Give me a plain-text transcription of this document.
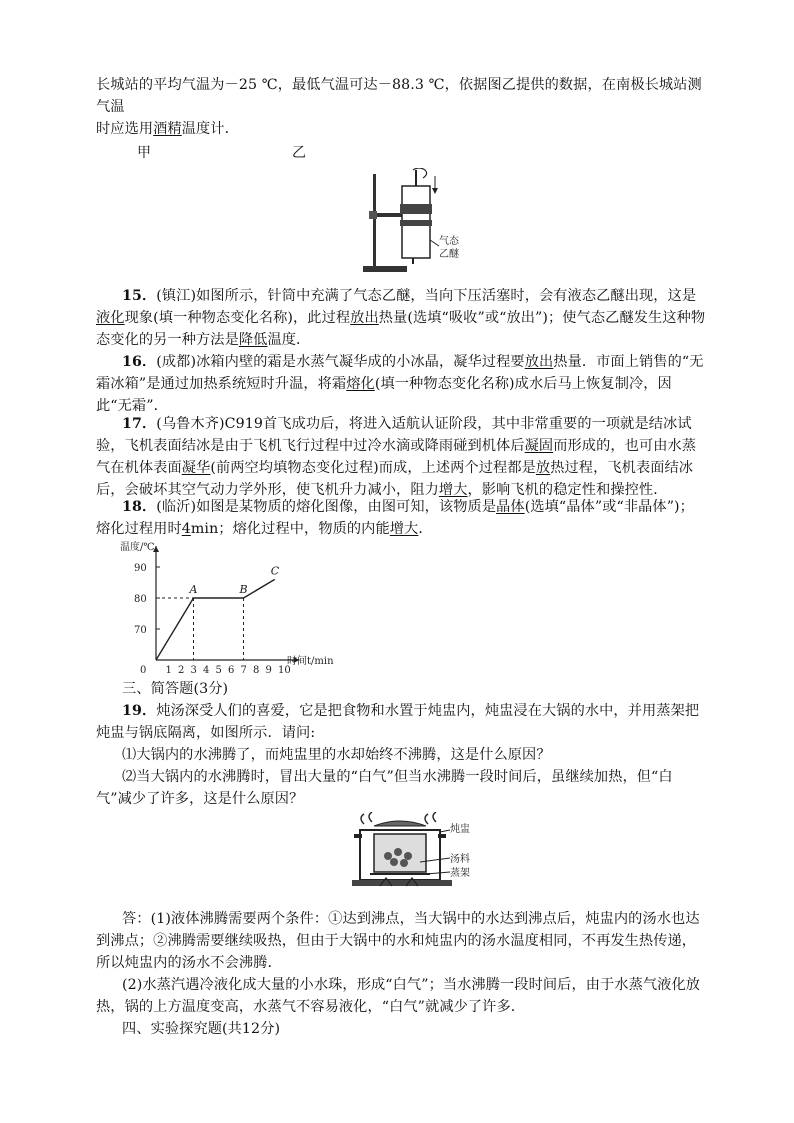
长城站的平均气温为－25 ℃，最低气温可达－88.3 ℃，依据图乙提供的数据，在南极长城站测气温
时应选用酒精温度计．

甲	乙
气态
乙醚

15．(镇江)如图所示，针筒中充满了气态乙醚，当向下压活塞时，会有液态乙醚出现，这是液化现象(填一种物态变化名称)，此过程放出热量(选填“吸收”或“放出”)；使气态乙醚发生这种物态变化的另一种方法是降低温度．

16．(成都)冰箱内壁的霜是水蒸气凝华成的小冰晶，凝华过程要放出热量．市面上销售的“无霜冰箱”是通过加热系统短时升温，将霜熔化(填一种物态变化名称)成水后马上恢复制冷，因此“无霜”．

17．(乌鲁木齐)C919首飞成功后，将进入适航认证阶段，其中非常重要的一项就是结冰试验，飞机表面结冰是由于飞机飞行过程中过冷水滴或降雨碰到机体后凝固而形成的，也可由水蒸气在机体表面凝华(前两空均填物态变化过程)而成，上述两个过程都是放热过程，飞机表面结冰后，会破坏其空气动力学外形，使飞机升力减小，阻力增大，影响飞机的稳定性和操控性．

18．(临沂)如图是某物质的熔化图像，由图可知，该物质是晶体(选填“晶体”或“非晶体”)；熔化过程用时4min；熔化过程中，物质的内能增大．

温度/℃
时间t/min
0 1 2 3 4 5 6 7 8 9 10
70
80
90
A	B
C

三、简答题(3分)

19．炖汤深受人们的喜爱，它是把食物和水置于炖盅内，炖盅浸在大锅的水中，并用蒸架把炖盅与锅底隔离，如图所示．请问:

⑴大锅内的水沸腾了，而炖盅里的水却始终不沸腾，这是什么原因？

⑵当大锅内的水沸腾时，冒出大量的“白气”但当水沸腾一段时间后，虽继续加热，但“白气”减少了许多，这是什么原因？

炖盅
汤料
蒸架

答：(1)液体沸腾需要两个条件：①达到沸点，当大锅中的水达到沸点后，炖盅内的汤水也达到沸点；②沸腾需要继续吸热，但由于大锅中的水和炖盅内的汤水温度相同，不再发生热传递，所以炖盅内的汤水不会沸腾．

(2)水蒸汽遇冷液化成大量的小水珠，形成“白气”；当水沸腾一段时间后，由于水蒸气液化放热，锅的上方温度变高，水蒸气不容易液化，“白气”就减少了许多．

四、实验探究题(共12分)
